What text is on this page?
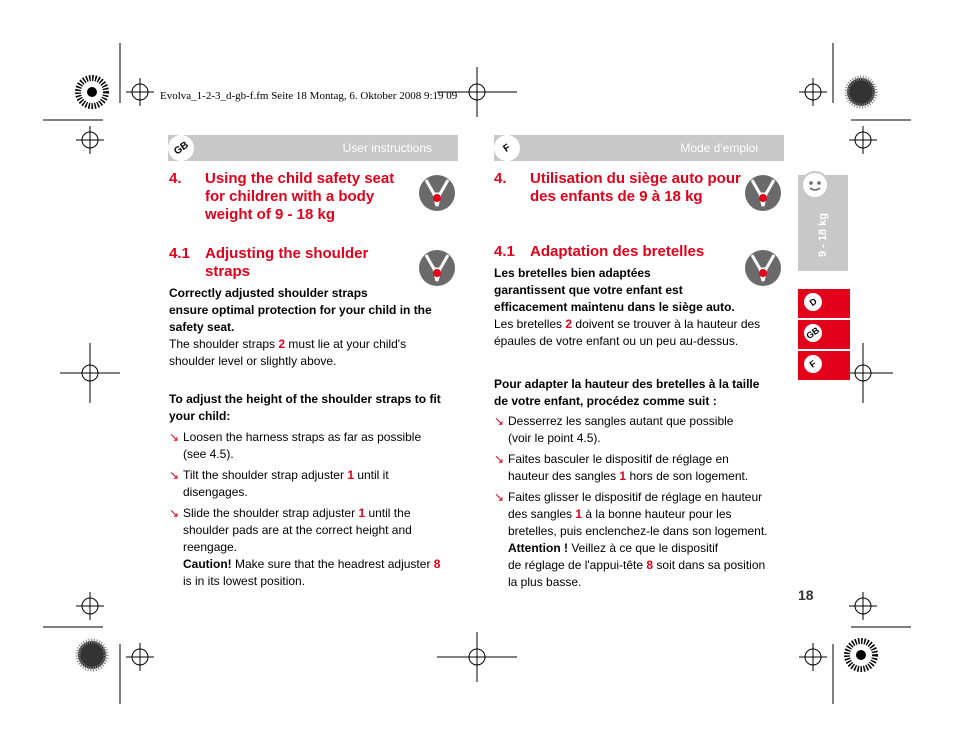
Evolva_1-2-3_d-gb-f.fm Seite 18 Montag, 6. Oktober 2008 9:19 09
GB	User instructions
4. Using the child safety seat
for children with a body
weight of 9 - 18 kg
4.1 Adjusting the shoulder
straps
Correctly adjusted shoulder straps
ensure optimal protection for your child in the
safety seat.
The shoulder straps 2 must lie at your child's
shoulder level or slightly above.
To adjust the height of the shoulder straps to fit
your child:
↘ Loosen the harness straps as far as possible
(see 4.5).
↘ Tilt the shoulder strap adjuster 1 until it
disengages.
↘ Slide the shoulder strap adjuster 1 until the
shoulder pads are at the correct height and
reengage.
Caution! Make sure that the headrest adjuster 8
is in its lowest position.
F	Mode d'emploi
4. Utilisation du siège auto pour
des enfants de 9 à 18 kg
4.1 Adaptation des bretelles
Les bretelles bien adaptées
garantissent que votre enfant est
efficacement maintenu dans le siège auto.
Les bretelles 2 doivent se trouver à la hauteur des
épaules de votre enfant ou un peu au-dessus.
Pour adapter la hauteur des bretelles à la taille
de votre enfant, procédez comme suit :
↘ Desserrez les sangles autant que possible
(voir le point 4.5).
↘ Faites basculer le dispositif de réglage en
hauteur des sangles 1 hors de son logement.
↘ Faites glisser le dispositif de réglage en hauteur
des sangles 1 à la bonne hauteur pour les
bretelles, puis enclenchez-le dans son logement.
Attention ! Veillez à ce que le dispositif
de réglage de l'appui-tête 8 soit dans sa position
la plus basse.
9 - 18 kg
D
GB
F
18
